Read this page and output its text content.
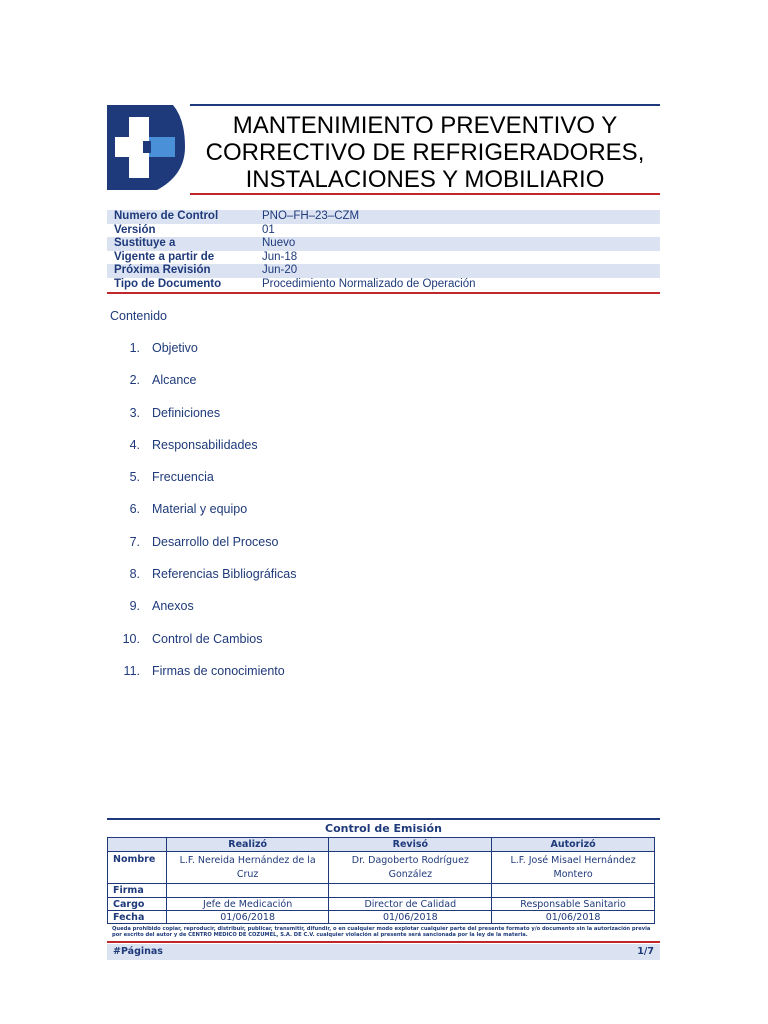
MANTENIMIENTO PREVENTIVO Y
CORRECTIVO DE REFRIGERADORES,
INSTALACIONES Y MOBILIARIO
Numero de Control	PNO–FH–23–CZM
Versión	01
Sustituye a	Nuevo
Vigente a partir de	Jun-18
Próxima Revisión	Jun-20
Tipo de Documento	Procedimiento Normalizado de Operación
Contenido
1. Objetivo
2. Alcance
3. Definiciones
4. Responsabilidades
5. Frecuencia
6. Material y equipo
7. Desarrollo del Proceso
8. Referencias Bibliográficas
9. Anexos
10. Control de Cambios
11. Firmas de conocimiento
Control de Emisión
	Realizó	Revisó	Autorizó
Nombre	L.F. Nereida Hernández de la Cruz	Dr. Dagoberto Rodríguez González	L.F. José Misael Hernández Montero
Firma			
Cargo	Jefe de Medicación	Director de Calidad	Responsable Sanitario
Fecha	01/06/2018	01/06/2018	01/06/2018
Queda prohibido copiar, reproducir, distribuir, publicar, transmitir, difundir, o en cualquier modo explotar cualquier parte del presente formato y/o documento sin la autorización previa por escrito del autor y de CENTRO MEDICO DE COZUMEL, S.A. DE C.V. cualquier violación al presente será sancionada por la ley de la materia.
#Páginas	1/7
